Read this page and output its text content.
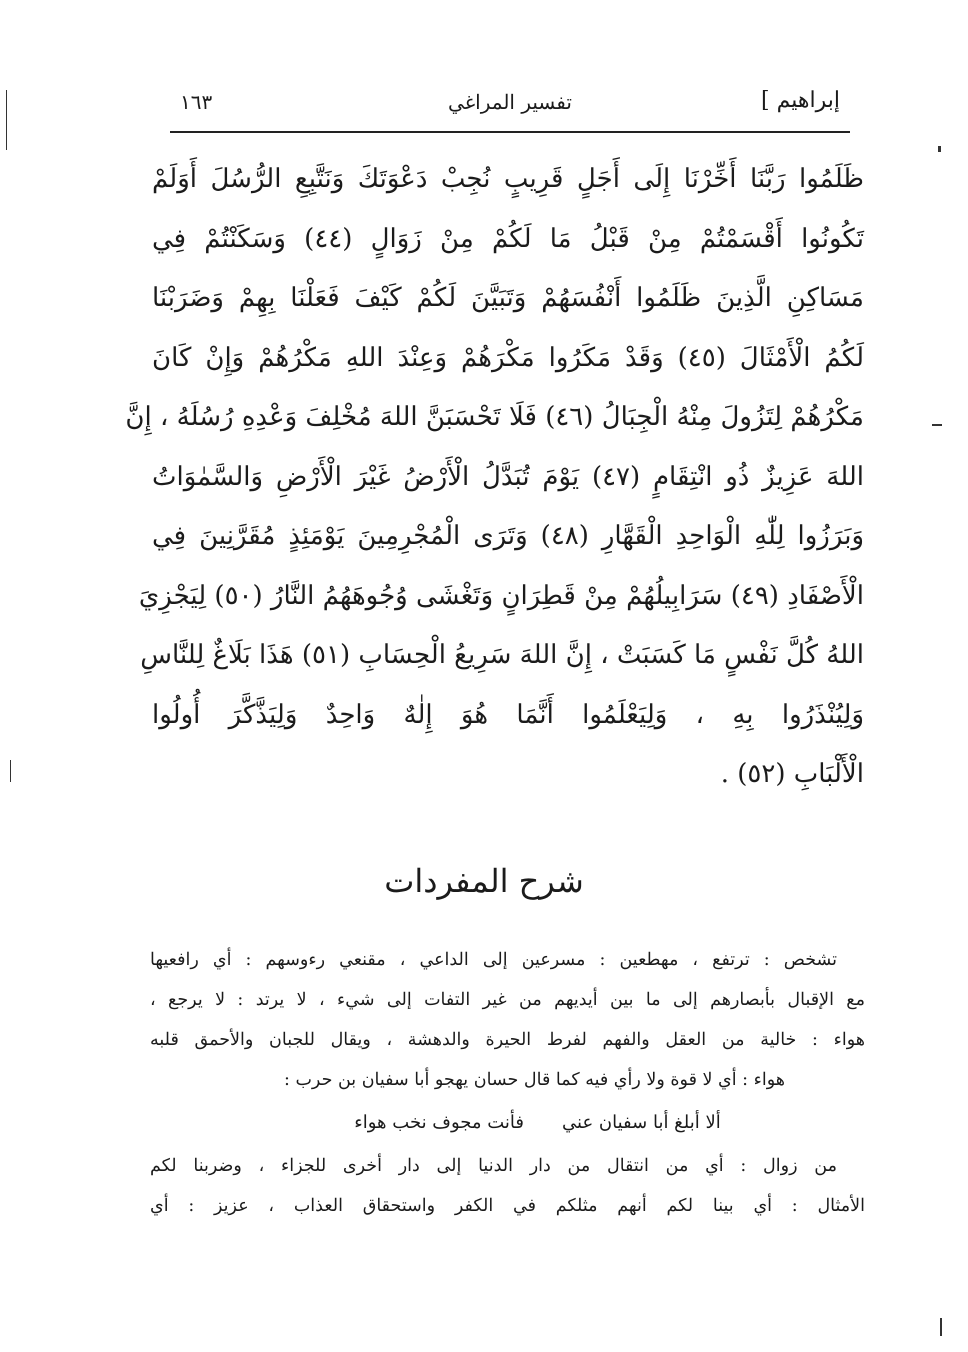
إبراهيم ]
تفسير المراغي
١٦٣
ظَلَمُوا رَبَّنَا أَخِّرْنَا إِلَى أَجَلٍ قَرِيبٍ نُجِبْ دَعْوَتَكَ وَنَتَّبِعِ الرُّسُلَ أَوَلَمْ
تَكُونُوا أَقْسَمْتُمْ مِنْ قَبْلُ مَا لَكُمْ مِنْ زَوَالٍ (٤٤) وَسَكَنْتُمْ فِي
مَسَاكِنِ الَّذِينَ ظَلَمُوا أَنْفُسَهُمْ وَتَبَيَّنَ لَكُمْ كَيْفَ فَعَلْنَا بِهِمْ وَضَرَبْنَا
لَكُمُ الْأَمْثَالَ (٤٥) وَقَدْ مَكَرُوا مَكْرَهُمْ وَعِنْدَ اللهِ مَكْرُهُمْ وَإِنْ كَانَ
مَكْرُهُمْ لِتَزُولَ مِنْهُ الْجِبَالُ (٤٦) فَلَا تَحْسَبَنَّ اللهَ مُخْلِفَ وَعْدِهِ رُسُلَهُ ، إِنَّ
اللهَ عَزِيزٌ ذُو انْتِقَامٍ (٤٧) يَوْمَ تُبَدَّلُ الْأَرْضُ غَيْرَ الْأَرْضِ وَالسَّمٰوَاتُ
وَبَرَزُوا لِلّٰهِ الْوَاحِدِ الْقَهَّارِ (٤٨) وَتَرَى الْمُجْرِمِينَ يَوْمَئِذٍ مُقَرَّنِينَ فِي
الْأَصْفَادِ (٤٩) سَرَابِيلُهُمْ مِنْ قَطِرَانٍ وَتَغْشَى وُجُوهَهُمُ النَّارُ (٥٠) لِيَجْزِيَ
اللهُ كُلَّ نَفْسٍ مَا كَسَبَتْ ، إِنَّ اللهَ سَرِيعُ الْحِسَابِ (٥١) هَذَا بَلَاغٌ لِلنَّاسِ
وَلِيُنْذَرُوا بِهِ ، وَلِيَعْلَمُوا أَنَّمَا هُوَ إِلٰهٌ وَاحِدٌ وَلِيَذَّكَّرَ أُولُوا
الْأَلْبَابِ (٥٢) .
شرح المفردات
تشخص : ترتفع ، مهطعين : مسرعين إلى الداعي ، مقنعي رءوسهم : أي رافعيها
مع الإقبال بأبصارهم إلى ما بين أيديهم من غير التفات إلى شيء ، لا يرتد : لا يرجع ،
هواء : خالية من العقل والفهم لفرط الحيرة والدهشة ، ويقال للجبان والأحمق قلبه
هواء : أي لا قوة ولا رأي فيه كما قال حسان يهجو أبا سفيان بن حرب :
ألا أبلغ أبا سفيان عني
فأنت مجوف نخب هواء
من زوال : أي من انتقال من دار الدنيا إلى دار أخرى للجزاء ، وضربنا لكم
الأمثال : أي بينا لكم أنهم مثلكم في الكفر واستحقاق العذاب ، عزيز : أي
